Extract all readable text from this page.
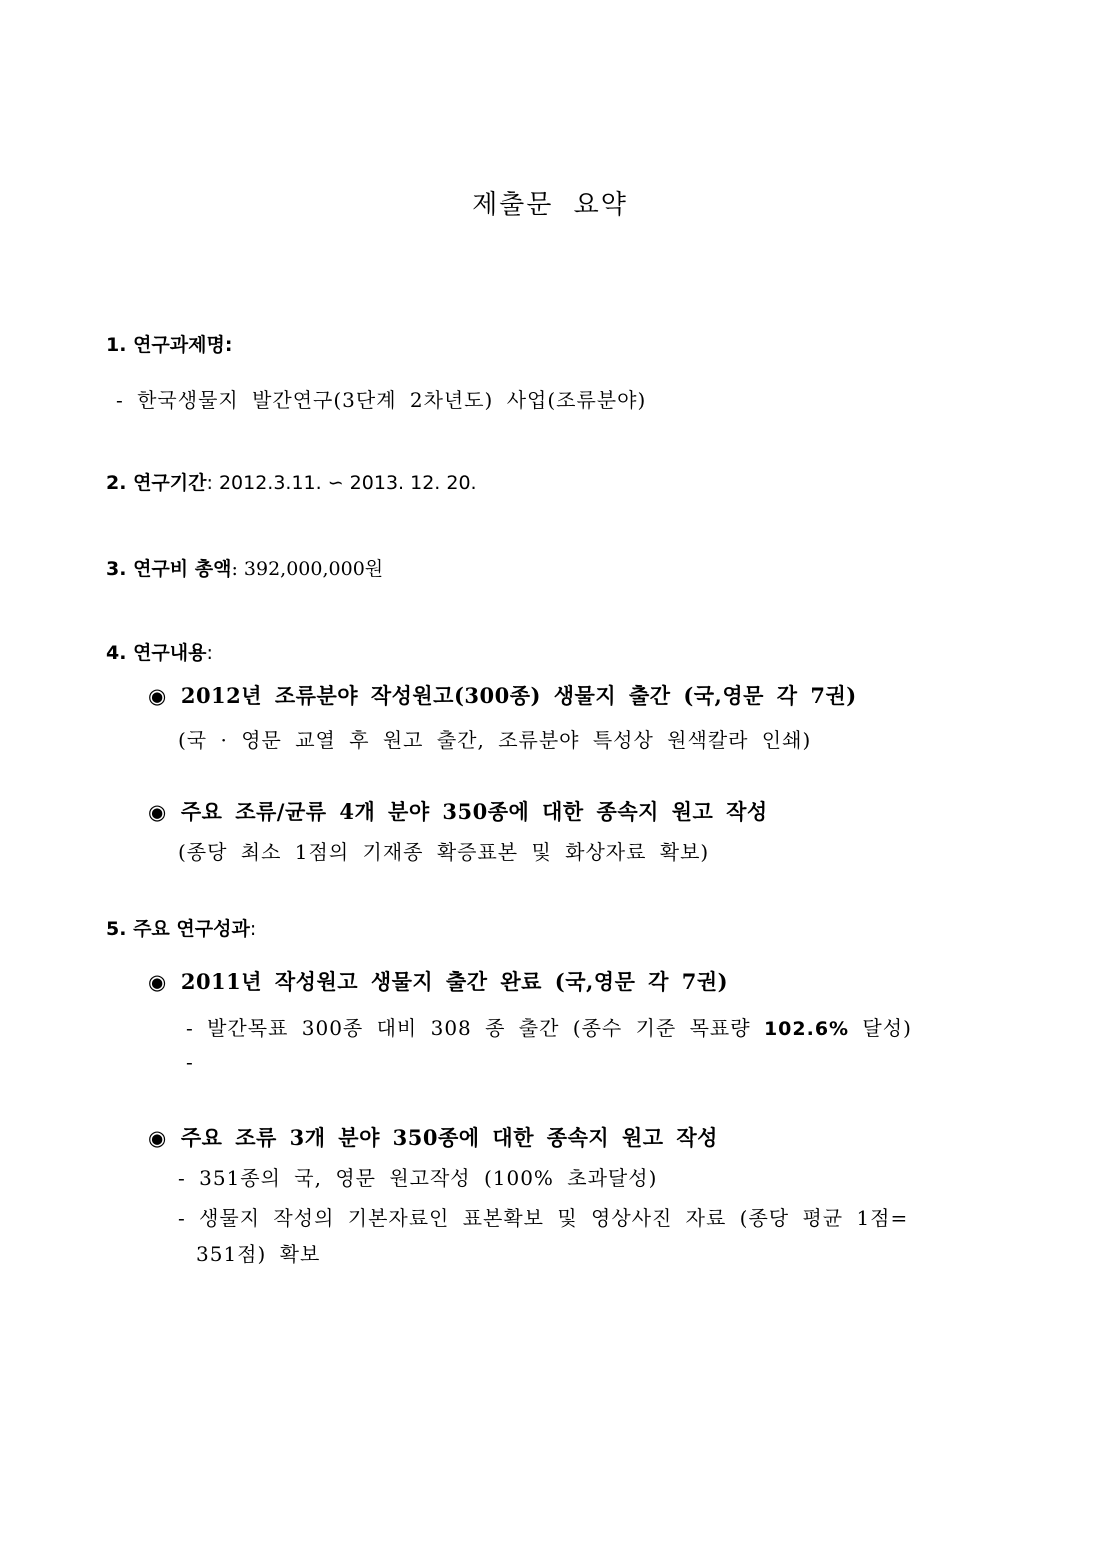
제출문 요약
1. 연구과제명:
- 한국생물지 발간연구(3단계 2차년도) 사업(조류분야)
2. 연구기간: 2012.3.11. ∽ 2013. 12. 20.
3. 연구비 총액: 392,000,000원
4. 연구내용:
◉ 2012년 조류분야 작성원고(300종) 생물지 출간 (국,영문 각 7권)
(국 · 영문 교열 후 원고 출간, 조류분야 특성상 원색칼라 인쇄)
◉ 주요 조류/균류 4개 분야 350종에 대한 종속지 원고 작성
(종당 최소 1점의 기재종 확증표본 및 화상자료 확보)
5. 주요 연구성과:
◉ 2011년 작성원고 생물지 출간 완료 (국,영문 각 7권)
- 발간목표 300종 대비 308 종 출간 (종수 기준 목표량 102.6% 달성)
-
◉ 주요 조류 3개 분야 350종에 대한 종속지 원고 작성
- 351종의 국, 영문 원고작성 (100% 초과달성)
- 생물지 작성의 기본자료인 표본확보 및 영상사진 자료 (종당 평균 1점=
351점) 확보
